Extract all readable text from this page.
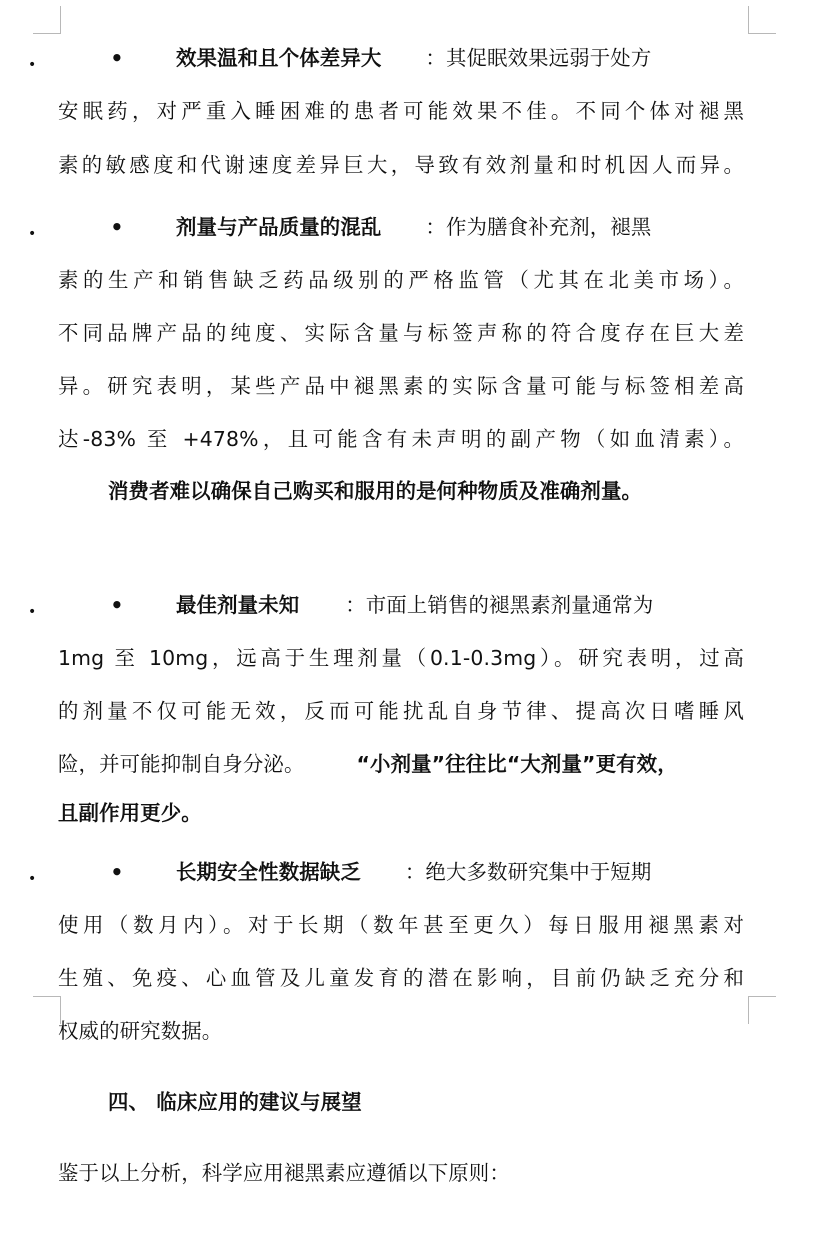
•	•	效果温和且个体差异大 ：其促眠效果远弱于处方
安眠药，对严重入睡困难的患者可能效果不佳。不同个体对褪黑
素的敏感度和代谢速度差异巨大，导致有效剂量和时机因人而异。
•	•	剂量与产品质量的混乱 ：作为膳食补充剂，褪黑
素的生产和销售缺乏药品级别的严格监管（尤其在北美市场）。
不同品牌产品的纯度、实际含量与标签声称的符合度存在巨大差
异。研究表明，某些产品中褪黑素的实际含量可能与标签相差高
达-83% 至 +478%，且可能含有未声明的副产物（如血清素）。
消费者难以确保自己购买和服用的是何种物质及准确剂量。
•	•	最佳剂量未知 ：市面上销售的褪黑素剂量通常为
1mg 至 10mg，远高于生理剂量（0.1-0.3mg）。研究表明，过高
的剂量不仅可能无效，反而可能扰乱自身节律、提高次日嗜睡风
险，并可能抑制自身分泌。	“小剂量”往往比“大剂量”更有效，
且副作用更少。
•	•	长期安全性数据缺乏 ：绝大多数研究集中于短期
使用（数月内）。对于长期（数年甚至更久）每日服用褪黑素对
生殖、免疫、心血管及儿童发育的潜在影响，目前仍缺乏充分和
权威的研究数据。
四、 临床应用的建议与展望
鉴于以上分析，科学应用褪黑素应遵循以下原则：
